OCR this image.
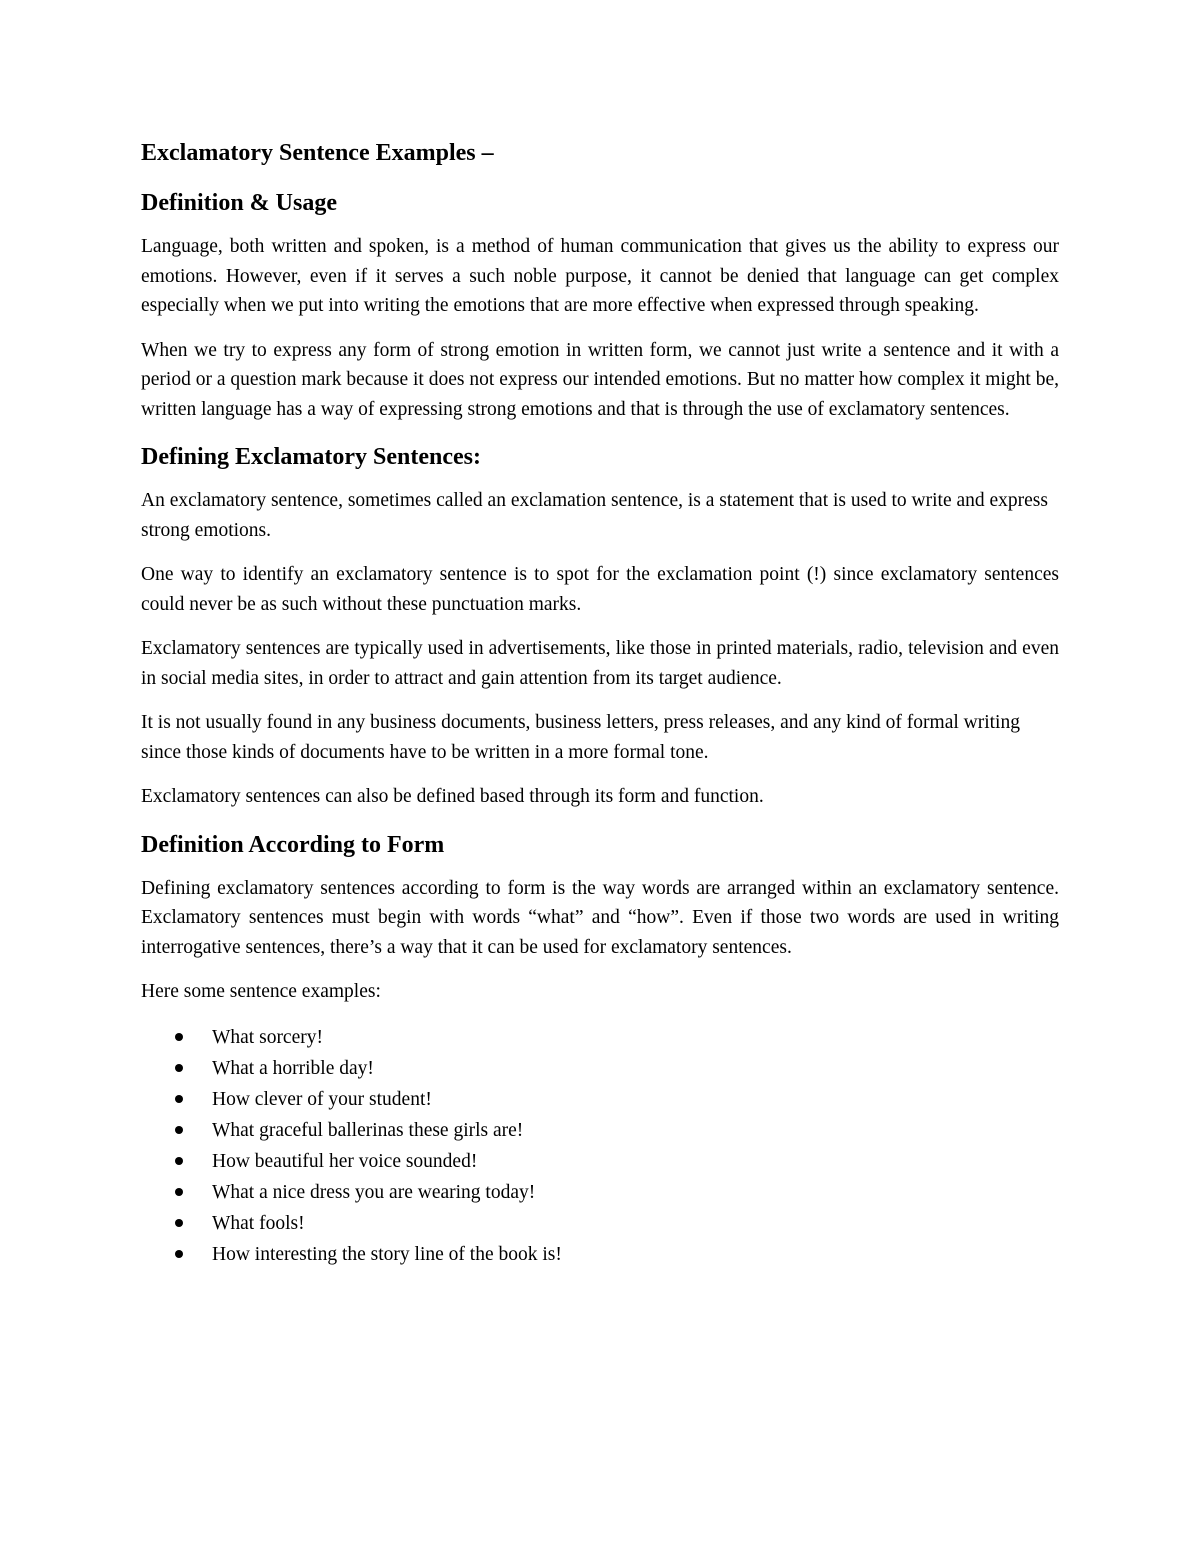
Exclamatory Sentence Examples –
Definition & Usage

Language, both written and spoken, is a method of human communication that gives us the ability to express our emotions. However, even if it serves a such noble purpose, it cannot be denied that language can get complex especially when we put into writing the emotions that are more effective when expressed through speaking.

When we try to express any form of strong emotion in written form, we cannot just write a sentence and it with a period or a question mark because it does not express our intended emotions. But no matter how complex it might be, written language has a way of expressing strong emotions and that is through the use of exclamatory sentences.

Defining Exclamatory Sentences:

An exclamatory sentence, sometimes called an exclamation sentence, is a statement that is used to write and express strong emotions.

One way to identify an exclamatory sentence is to spot for the exclamation point (!) since exclamatory sentences could never be as such without these punctuation marks.

Exclamatory sentences are typically used in advertisements, like those in printed materials, radio, television and even in social media sites, in order to attract and gain attention from its target audience.

It is not usually found in any business documents, business letters, press releases, and any kind of formal writing since those kinds of documents have to be written in a more formal tone.

Exclamatory sentences can also be defined based through its form and function.

Definition According to Form

Defining exclamatory sentences according to form is the way words are arranged within an exclamatory sentence. Exclamatory sentences must begin with words “what” and “how”. Even if those two words are used in writing interrogative sentences, there’s a way that it can be used for exclamatory sentences.

Here some sentence examples:

What sorcery!
What a horrible day!
How clever of your student!
What graceful ballerinas these girls are!
How beautiful her voice sounded!
What a nice dress you are wearing today!
What fools!
How interesting the story line of the book is!
